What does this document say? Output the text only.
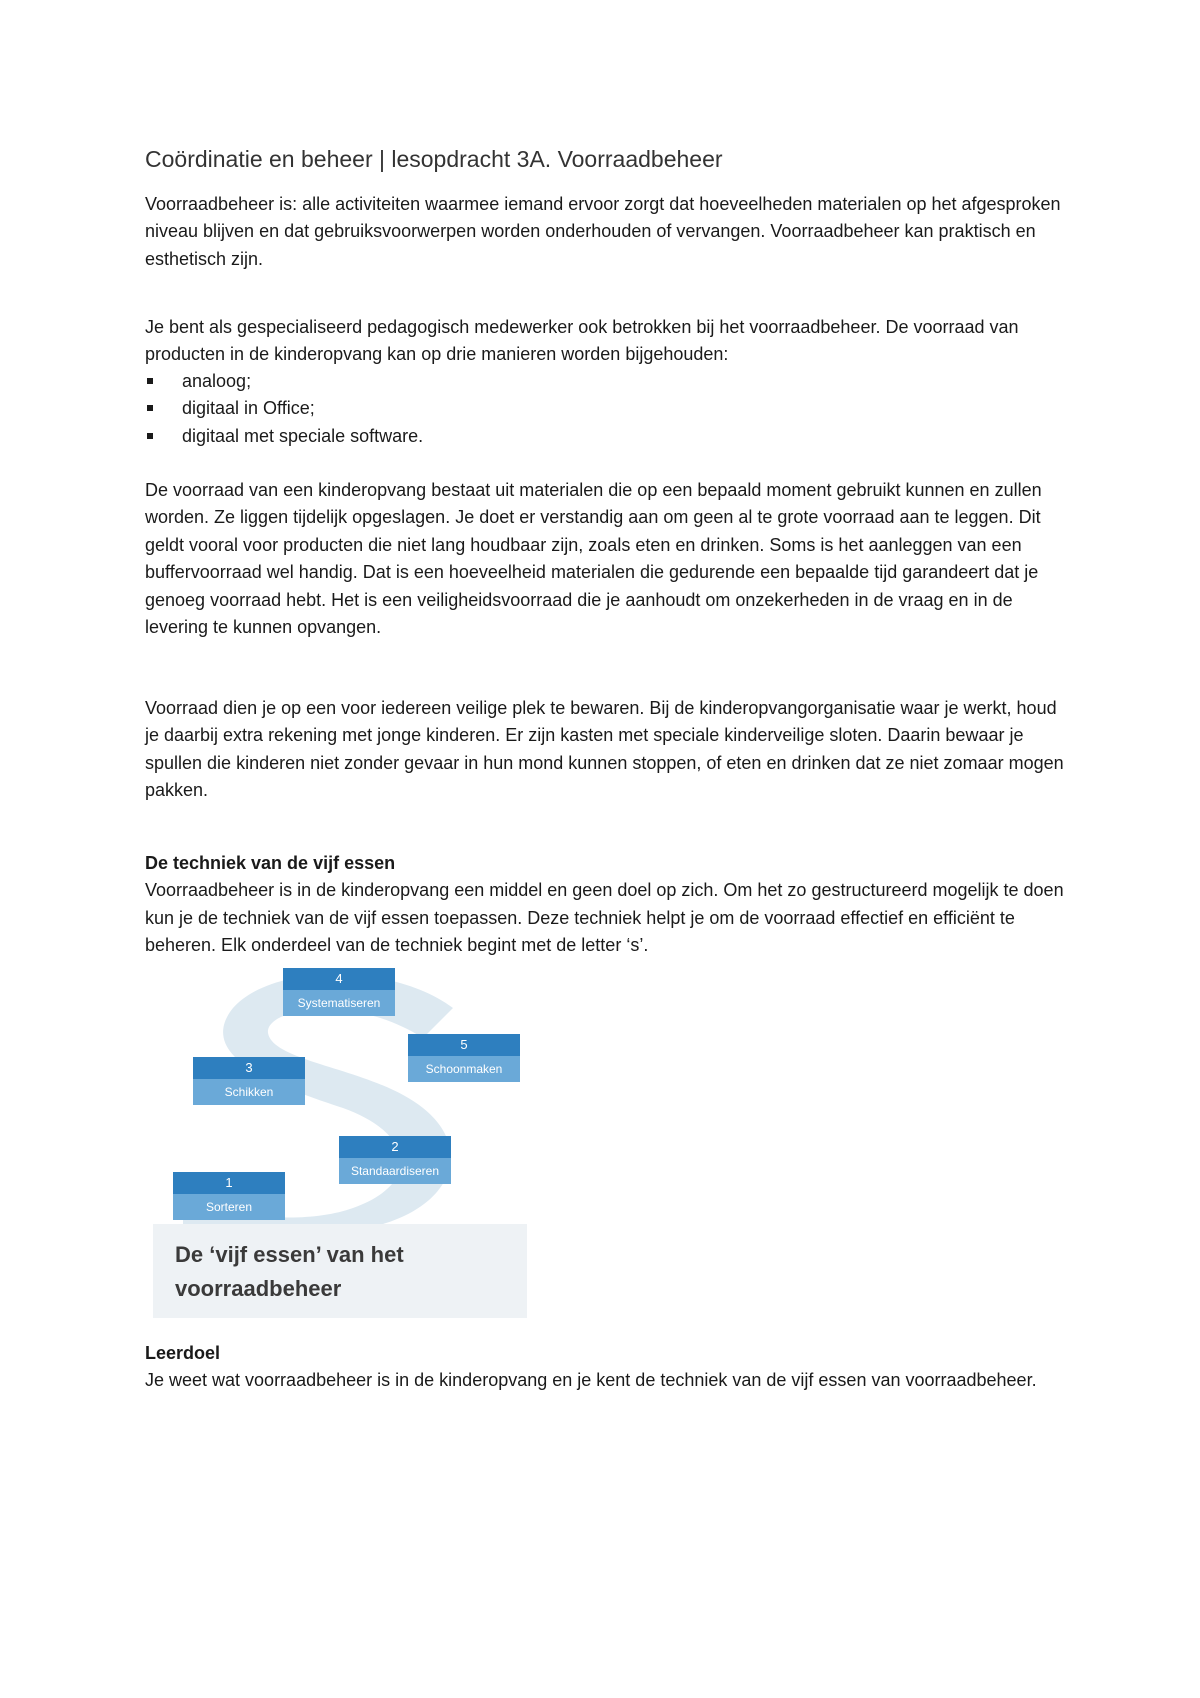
Coördinatie en beheer | lesopdracht 3A. Voorraadbeheer

Voorraadbeheer is: alle activiteiten waarmee iemand ervoor zorgt dat hoeveelheden materialen op het afgesproken niveau blijven en dat gebruiksvoorwerpen worden onderhouden of vervangen. Voorraadbeheer kan praktisch en esthetisch zijn.

Je bent als gespecialiseerd pedagogisch medewerker ook betrokken bij het voorraadbeheer. De voorraad van producten in de kinderopvang kan op drie manieren worden bijgehouden:

analoog;
digitaal in Office;
digitaal met speciale software.

De voorraad van een kinderopvang bestaat uit materialen die op een bepaald moment gebruikt kunnen en zullen worden. Ze liggen tijdelijk opgeslagen. Je doet er verstandig aan om geen al te grote voorraad aan te leggen. Dit geldt vooral voor producten die niet lang houdbaar zijn, zoals eten en drinken. Soms is het aanleggen van een buffervoorraad wel handig. Dat is een hoeveelheid materialen die gedurende een bepaalde tijd garandeert dat je genoeg voorraad hebt. Het is een veiligheidsvoorraad die je aanhoudt om onzekerheden in de vraag en in de levering te kunnen opvangen.

Voorraad dien je op een voor iedereen veilige plek te bewaren. Bij de kinderopvangorganisatie waar je werkt, houd je daarbij extra rekening met jonge kinderen. Er zijn kasten met speciale kinderveilige sloten. Daarin bewaar je spullen die kinderen niet zonder gevaar in hun mond kunnen stoppen, of eten en drinken dat ze niet zomaar mogen pakken.

De techniek van de vijf essen
Voorraadbeheer is in de kinderopvang een middel en geen doel op zich. Om het zo gestructureerd mogelijk te doen kun je de techniek van de vijf essen toepassen. Deze techniek helpt je om de voorraad effectief en efficiënt te beheren. Elk onderdeel van de techniek begint met de letter ‘s’.
4
Systematiseren
5
Schoonmaken
3
Schikken
2
Standaardiseren
1
Sorteren
De ‘vijf essen’ van het
voorraadbeheer
Leerdoel
Je weet wat voorraadbeheer is in de kinderopvang en je kent de techniek van de vijf essen van voorraadbeheer.
